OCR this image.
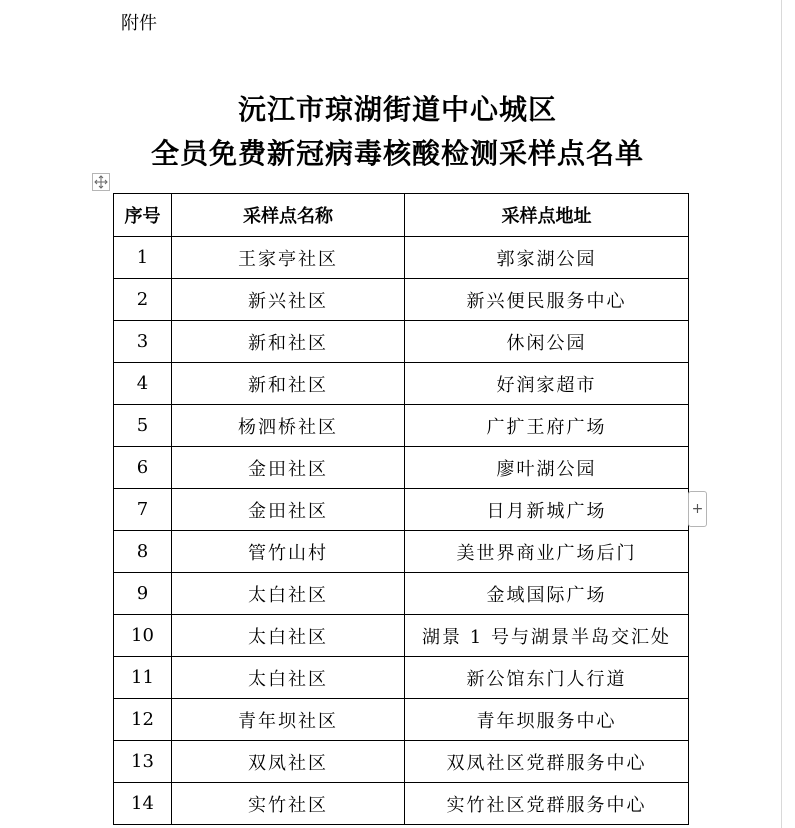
附件
沅江市琼湖街道中心城区
全员免费新冠病毒核酸检测采样点名单
序号	采样点名称	采样点地址
1	王家亭社区	郭家湖公园
2	新兴社区	新兴便民服务中心
3	新和社区	休闲公园
4	新和社区	好润家超市
5	杨泗桥社区	广扩王府广场
6	金田社区	廖叶湖公园
7	金田社区	日月新城广场
8	管竹山村	美世界商业广场后门
9	太白社区	金域国际广场
10	太白社区	湖景 1 号与湖景半岛交汇处
11	太白社区	新公馆东门人行道
12	青年坝社区	青年坝服务中心
13	双凤社区	双凤社区党群服务中心
14	实竹社区	实竹社区党群服务中心
+
